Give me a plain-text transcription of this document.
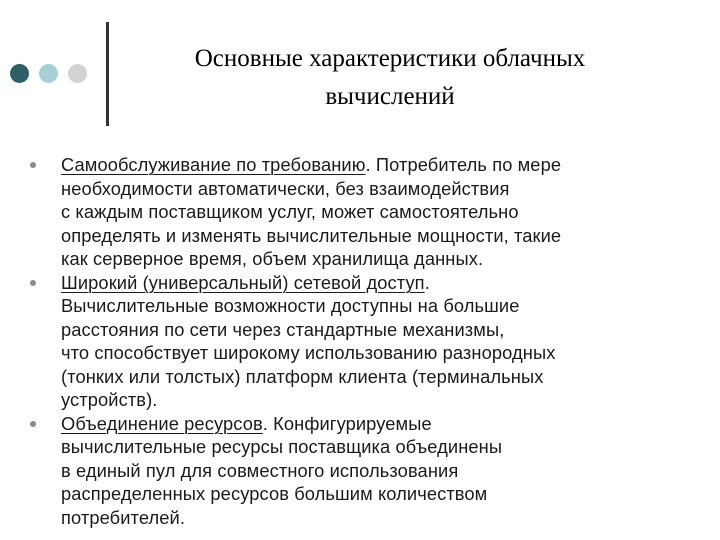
Основные характеристики облачных
вычислений
Самообслуживание по требованию. Потребитель по мере
необходимости автоматически, без взаимодействия
с каждым поставщиком услуг, может самостоятельно
определять и изменять вычислительные мощности, такие
как серверное время, объем хранилища данных.
Широкий (универсальный) сетевой доступ.
Вычислительные возможности доступны на большие
расстояния по сети через стандартные механизмы,
что способствует широкому использованию разнородных
(тонких или толстых) платформ клиента (терминальных
устройств).
Объединение ресурсов. Конфигурируемые
вычислительные ресурсы поставщика объединены
в единый пул для совместного использования
распределенных ресурсов большим количеством
потребителей.
